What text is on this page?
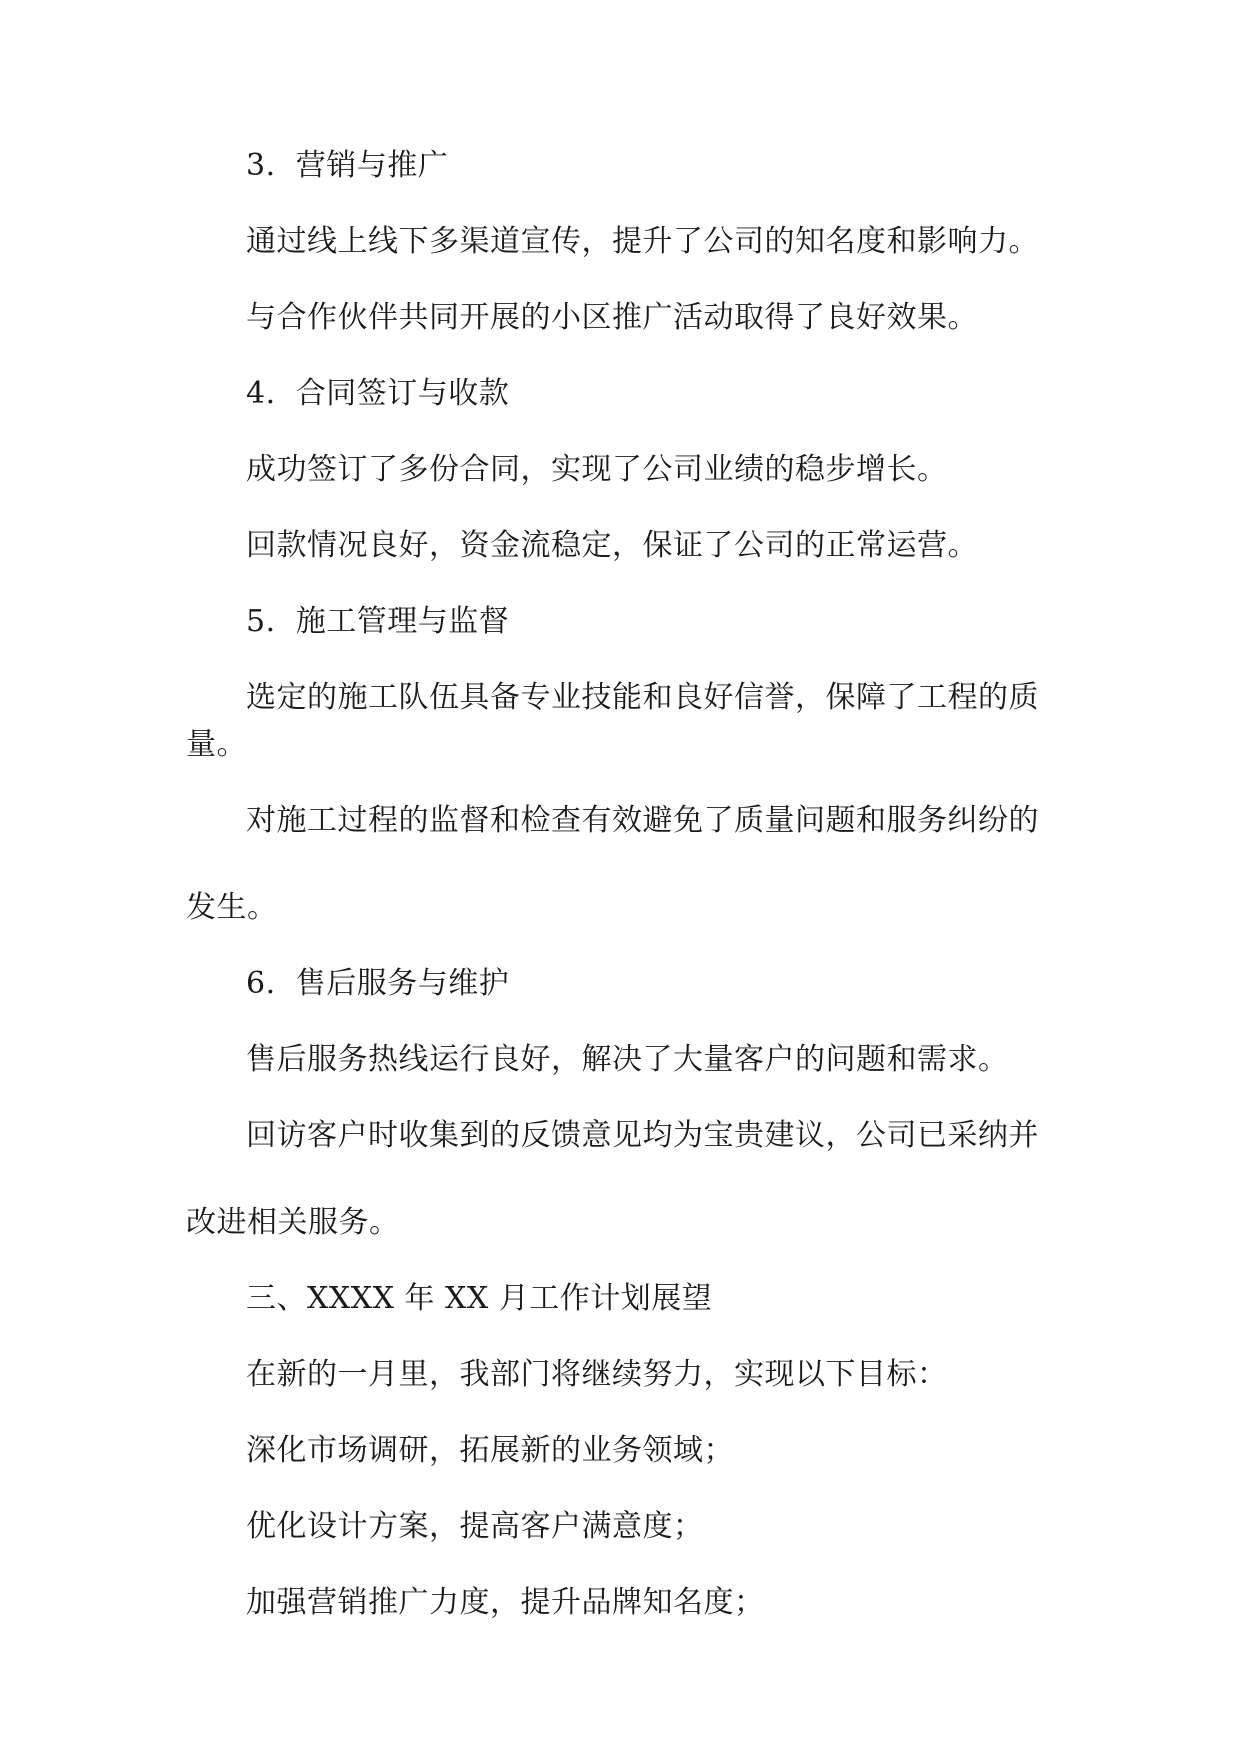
3.  营销与推广

通过线上线下多渠道宣传，提升了公司的知名度和影响力。

与合作伙伴共同开展的小区推广活动取得了良好效果。

4.  合同签订与收款

成功签订了多份合同，实现了公司业绩的稳步增长。

回款情况良好，资金流稳定，保证了公司的正常运营。

5.  施工管理与监督

选定的施工队伍具备专业技能和良好信誉，保障了工程的质量。

对施工过程的监督和检查有效避免了质量问题和服务纠纷的发生。

6.  售后服务与维护

售后服务热线运行良好，解决了大量客户的问题和需求。

回访客户时收集到的反馈意见均为宝贵建议，公司已采纳并改进相关服务。

三、XXXX 年 XX 月工作计划展望

在新的一月里，我部门将继续努力，实现以下目标：

深化市场调研，拓展新的业务领域；

优化设计方案，提高客户满意度；

加强营销推广力度，提升品牌知名度；
